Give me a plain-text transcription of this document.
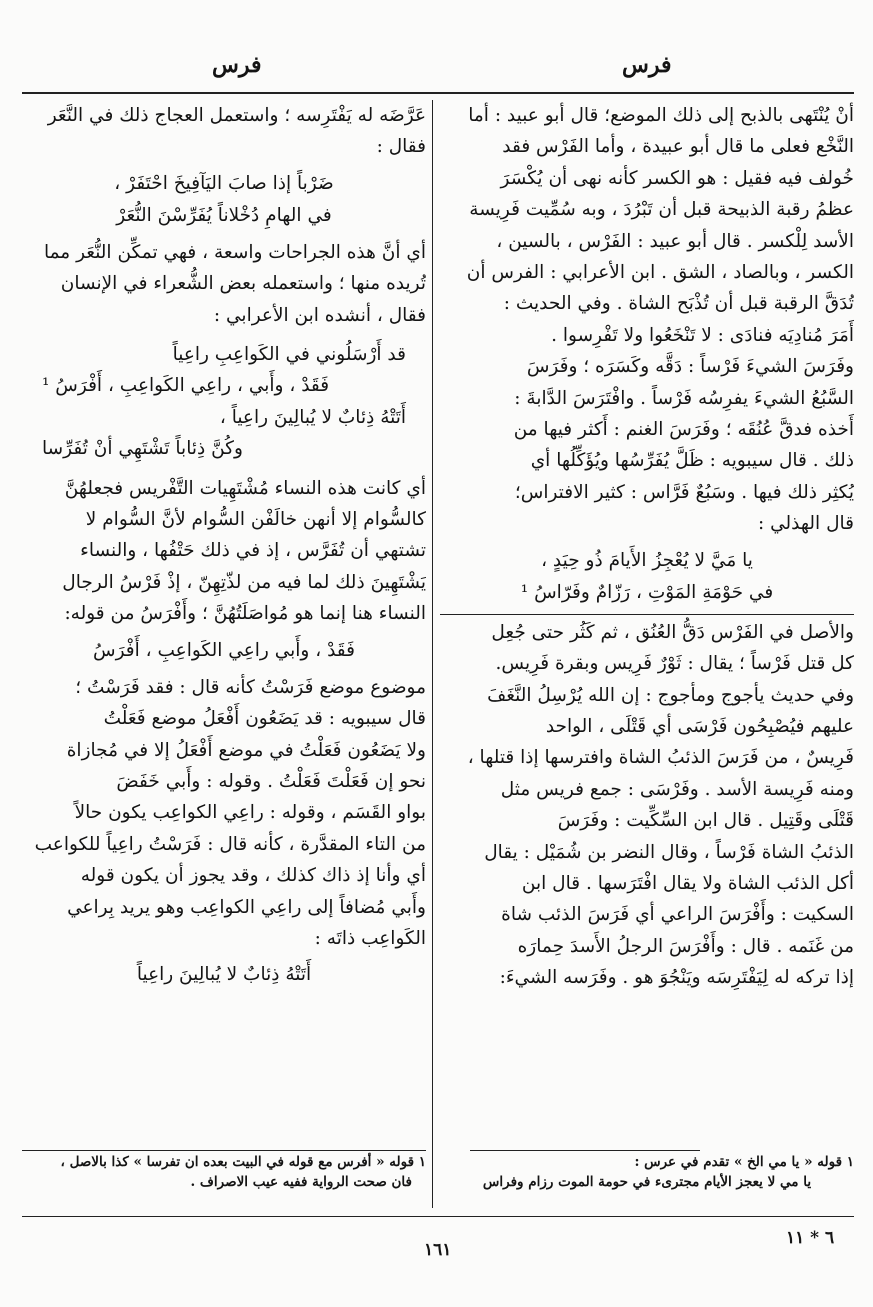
فرس	فرس

أنْ يُنْتَهى بالذبح إلى ذلك الموضع؛ قال أبو عبيد : أما

النَّخْع فعلى ما قال أبو عبيدة ، وأما الفَرْس فقد

خُولف فيه فقيل : هو الكسر كأنه نهى أن يُكْسَرَ

عظمُ رقبة الذبيحة قبل أن تَبْرُدَ ، وبه سُمِّيت فَرِيسة

الأسد لِلْكسر . قال أبو عبيد : الفَرْس ، بالسين ،

الكسر ، وبالصاد ، الشق . ابن الأعرابي : الفرس أن

تُدَقَّ الرقبة قبل أن تُذْبَح الشاة . وفي الحديث :

أَمَرَ مُنادِيَه فنادَى : لا تَنْخَعُوا ولا تَفْرِسوا .

وفَرَسَ الشيءَ فَرْساً : دَقَّه وكَسَرَه ؛ وفَرَسَ

السَّبُعُ الشيءَ يفرِسُه فَرْساً . وافْتَرَسَ الدَّابةَ :

أَخذه فدقَّ عُنُقَه ؛ وفَرَسَ الغنم : أَكثر فيها من

ذلك . قال سيبويه : ظَلَّ يُفَرِّسُها ويُؤَكِّلُها أي

يُكثِر ذلك فيها . وسَبُعٌ فَرَّاس : كثير الافتراس؛

قال الهذلي :

يا مَيَّ لا يُعْجِزُ الأَيامَ ذُو حِيَدٍ ،

في حَوْمَةِ المَوْتِ ، رَزّامٌ وفَرّاسُ ¹

والأصل في الفَرْس دَقُّ العُنُق ، ثم كَثُر حتى جُعِل

كل قتل فَرْساً ؛ يقال : ثَوْرٌ فَرِيس وبقرة فَرِيس.

وفي حديث يأجوج ومأجوج : إن الله يُرْسِلُ النَّغَفَ

عليهم فيُصْبِحُون فَرْسَى أي قَتْلَى ، الواحد

فَرِيسٌ ، من فَرَسَ الذئبُ الشاة وافترسها إذا قتلها ،

ومنه فَرِيسة الأسد . وفَرْسَى : جمع فريس مثل

قَتْلَى وقَتِيل . قال ابن السِّكِّيت : وفَرَسَ

الذئبُ الشاة فَرْساً ، وقال النضر بن شُمَيْل : يقال

أكل الذئب الشاة ولا يقال افْتَرَسها . قال ابن

السكيت : وأَفْرَسَ الراعي أي فَرَسَ الذئب شاة

من غَنَمه . قال : وأَفْرَسَ الرجلُ الأَسدَ حِمارَه

إذا تركه له لِيَفْتَرِسَه ويَنْجُوَ هو . وفَرَسه الشيءَ:

١ قوله « يا مي الخ » تقدم في عرس :
يا مي لا يعجز الأيام مجترىء في حومة الموت رزام وفراس

عَرَّضَه له يَفْتَرِسه ؛ واستعمل العجاج ذلك في النَّعَر

فقال :

ضَرْباً إذا صابَ اليَآفِيخَ احْتَفَرْ ،

في الهامِ دُخْلاناً يُفَرِّسْنَ النُّعَرْ

أي أنَّ هذه الجراحات واسعة ، فهي تمكِّن النُّعَر مما

تُريده منها ؛ واستعمله بعض الشُّعراء في الإنسان

فقال ، أنشده ابن الأعرابي :

قد أَرْسَلُوني في الكَواعِبِ راعِياً
فَقَدْ ، وأَبي ، راعِي الكَواعِبِ ، أَفْرَسُ ¹
أَتَتْهُ ذِئابٌ لا يُبالِينَ راعِياً ،
وكُنَّ ذِئاباً تَشْتَهِي أنْ تُفَرِّسا

أي كانت هذه النساء مُشْتَهِيات التَّفْريس فجعلهُنَّ

كالسُّوام إلا أنهن خالَفْن السُّوام لأنَّ السُّوام لا

تشتهي أن تُفَرَّس ، إذ في ذلك حَتْفُها ، والنساء

يَشْتَهِينَ ذلك لما فيه من لذّتِهِنّ ، إذْ فَرْسُ الرجال

النساء هنا إنما هو مُواصَلَتُهُنَّ ؛ وأَفْرَسُ من قوله:

فَقَدْ ، وأَبي راعِي الكَواعِبِ ، أَفْرَسُ

موضوع موضع فَرَسْتُ كأنه قال : فقد فَرَسْتُ ؛

قال سيبويه : قد يَضَعُون أَفْعَلُ موضع فَعَلْتُ

ولا يَضَعُون فَعَلْتُ في موضع أَفْعَلُ إلا في مُجازاة

نحو إن فَعَلْتَ فَعَلْتُ . وقوله : وأَبي خَفَضَ

بواو القَسَم ، وقوله : راعِي الكواعِب يكون حالاً

من التاء المقدَّرة ، كأنه قال : فَرَسْتُ راعِياً للكواعب

أي وأنا إذ ذاك كذلك ، وقد يجوز أن يكون قوله

وأَبي مُضافاً إلى راعِي الكواعِب وهو يريد بِراعي

الكَواعِب ذاتَه :

أَتَتْهُ ذِئابٌ لا يُبالِينَ راعِياً

١ قوله « أفرس مع قوله في البيت بعده ان تفرسا » كذا بالاصل ،
فان صحت الرواية ففيه عيب الاصراف .
١٦١
٦ * ١١
